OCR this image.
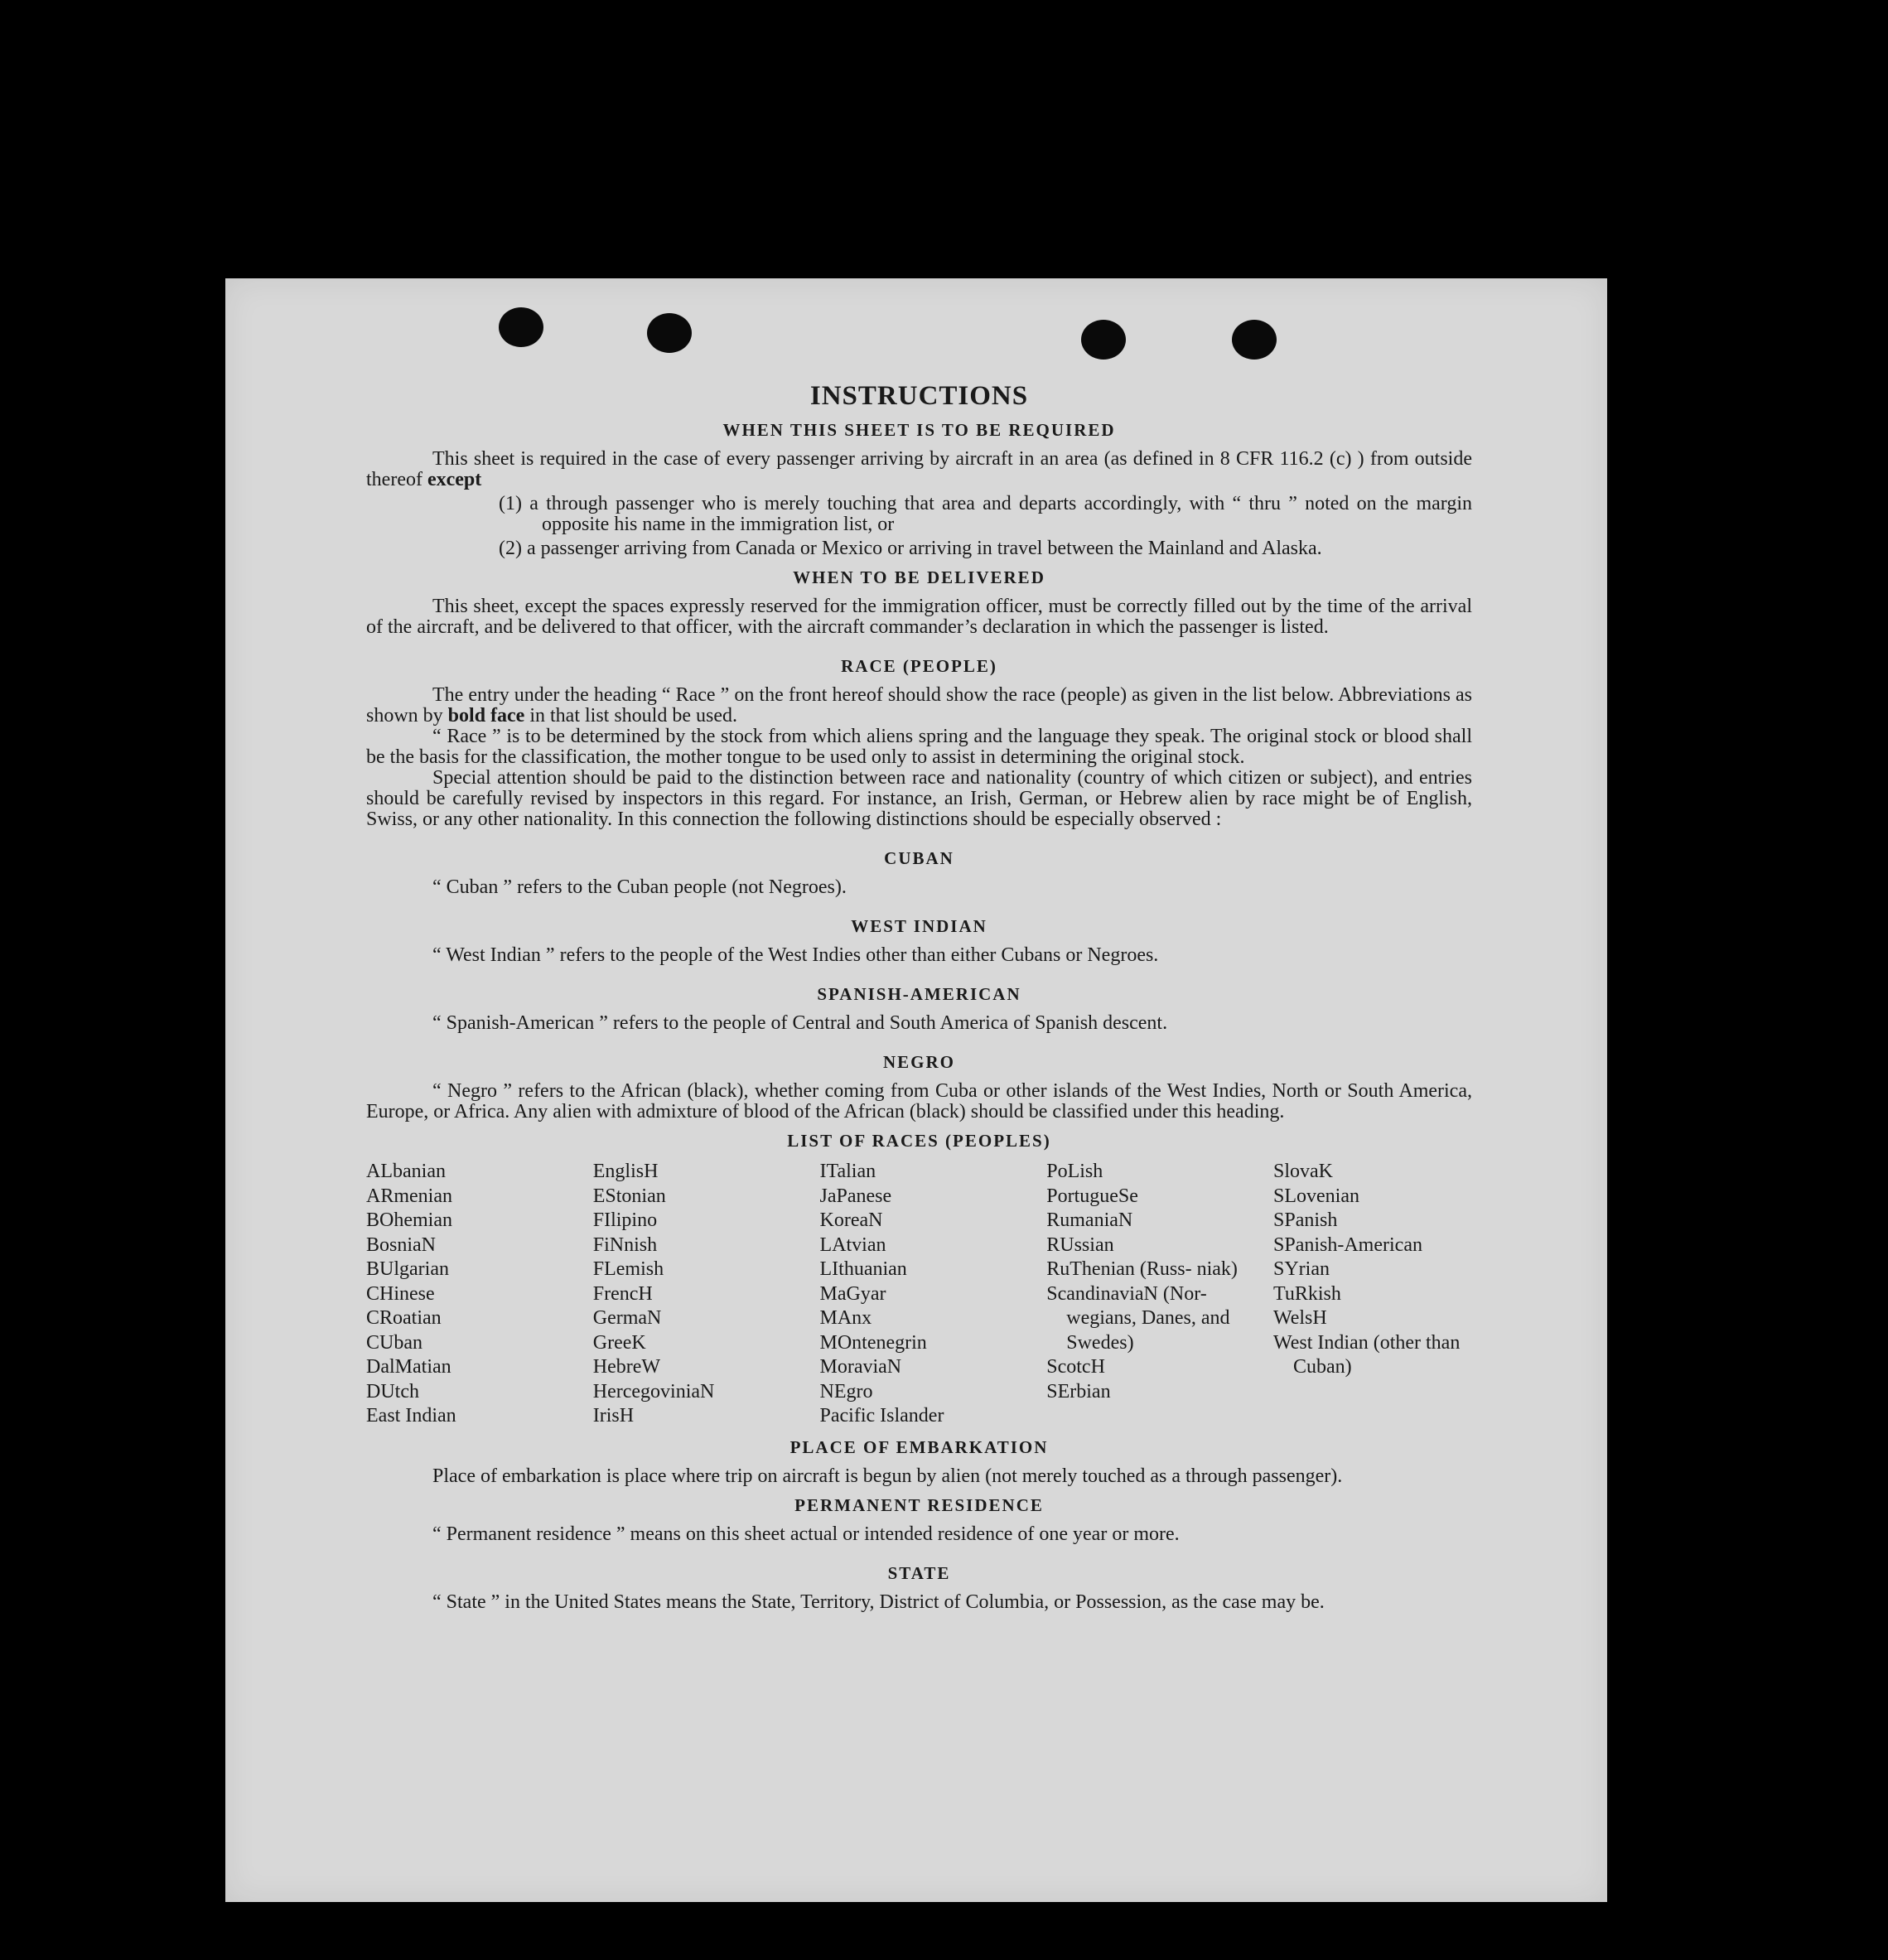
INSTRUCTIONS
WHEN THIS SHEET IS TO BE REQUIRED

This sheet is required in the case of every passenger arriving by aircraft in an area (as defined in 8 CFR 116.2 (c) ) from outside thereof except

(1) a through passenger who is merely touching that area and departs accordingly, with “ thru ” noted on the margin opposite his name in the immigration list, or
(2) a passenger arriving from Canada or Mexico or arriving in travel between the Mainland and Alaska.
WHEN TO BE DELIVERED

This sheet, except the spaces expressly reserved for the immigration officer, must be correctly filled out by the time of the arrival of the aircraft, and be delivered to that officer, with the aircraft commander’s declaration in which the passenger is listed.

RACE (PEOPLE)

The entry under the heading “ Race ” on the front hereof should show the race (people) as given in the list below. Abbreviations as shown by bold face in that list should be used.

“ Race ” is to be determined by the stock from which aliens spring and the language they speak. The original stock or blood shall be the basis for the classification, the mother tongue to be used only to assist in determining the original stock.

Special attention should be paid to the distinction between race and nationality (country of which citizen or subject), and entries should be carefully revised by inspectors in this regard. For instance, an Irish, German, or Hebrew alien by race might be of English, Swiss, or any other nationality. In this connection the following distinctions should be especially observed :

CUBAN

“ Cuban ” refers to the Cuban people (not Negroes).

WEST INDIAN

“ West Indian ” refers to the people of the West Indies other than either Cubans or Negroes.

SPANISH-AMERICAN

“ Spanish-American ” refers to the people of Central and South America of Spanish descent.

NEGRO

“ Negro ” refers to the African (black), whether coming from Cuba or other islands of the West Indies, North or South America, Europe, or Africa. Any alien with admixture of blood of the African (black) should be classified under this heading.

LIST OF RACES (PEOPLES)
ALbanian
ARmenian
BOhemian
BosniaN
BUlgarian
CHinese
CRoatian
CUban
DalMatian
DUtch
East Indian
EnglisH
EStonian
FIlipino
FiNnish
FLemish
FrencH
GermaN
GreeK
HebreW
HercegoviniaN
IrisH
ITalian
JaPanese
KoreaN
LAtvian
LIthuanian
MaGyar
MAnx
MOntenegrin
MoraviaN
NEgro
Pacific Islander
PoLish
PortugueSe
RumaniaN
RUssian
RuThenian (Russ- niak)
ScandinaviaN (Nor- wegians, Danes, and Swedes)
ScotcH
SErbian
SlovaK
SLovenian
SPanish
SPanish-American
SYrian
TuRkish
WelsH
West Indian (other than Cuban)
PLACE OF EMBARKATION

Place of embarkation is place where trip on aircraft is begun by alien (not merely touched as a through passenger).

PERMANENT RESIDENCE

“ Permanent residence ” means on this sheet actual or intended residence of one year or more.

STATE

“ State ” in the United States means the State, Territory, District of Columbia, or Possession, as the case may be.
